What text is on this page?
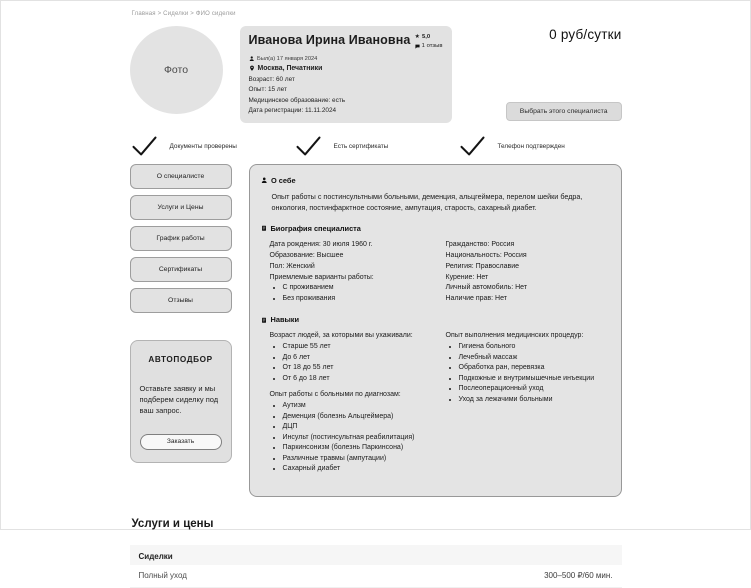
Главная > Сиделки > ФИО сиделки
Фото
Иванова Ирина Ивановна ★ 5,0
1 отзыв
Был(а) 17 января 2024
Москва, Печатники
Возраст: 60 лет
Опыт: 15 лет
Медицинское образование: есть
Дата регистрации: 11.11.2024
0 руб/сутки
Выбрать этого специалиста
Документы проверены	Есть сертификаты	Телефон подтвержден
О специалисте
Услуги и Цены
График работы
Сертификаты
Отзывы
АВТОПОДБОР

Оставьте заявку и мы подберем сиделку под ваш запрос.

Заказать
О себе

Опыт работы с постинсультными больными, деменция, альцгеймера, перелом шейки бедра, онкология, постинфарктное состояние, ампутация, старость, сахарный диабет.

Биография специалиста
Дата рождения: 30 июля 1960 г.
Образование: Высшее
Пол: Женский
Приемлемые варианты работы:
• С проживанием
• Без проживания
Гражданство: Россия
Национальность: Россия
Религия: Православие
Курение: Нет
Личный автомобиль: Нет
Наличие прав: Нет
Навыки
Возраст людей, за которыми вы ухаживали:
• Старше 55 лет
• До 6 лет
• От 18 до 55 лет
• От 6 до 18 лет
Опыт работы с больными по диагнозам:
• Аутизм
• Деменция (болезнь Альцгеймера)
• ДЦП
• Инсульт (постинсультная реабилитация)
• Паркинсонизм (болезнь Паркинсона)
• Различные травмы (ампутации)
• Сахарный диабет
Опыт выполнения медицинских процедур:
• Гигиена больного
• Лечебный массаж
• Обработка ран, перевязка
• Подкожные и внутримышечные инъекции
• Послеоперационный уход
• Уход за лежачими больными
Услуги и цены
Сиделки
Полный уход	300–500 ₽/60 мин.
